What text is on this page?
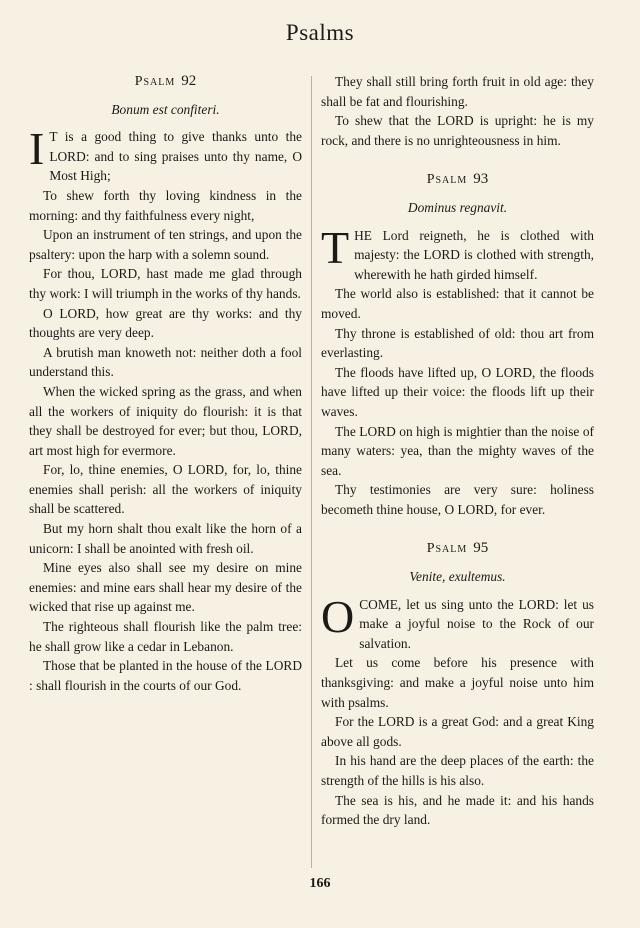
Psalms
Psalm 92
Bonum est confiteri.

I T is a good thing to give thanks unto the LORD: and to sing praises unto thy name, O Most High;

To shew forth thy loving kindness in the morning: and thy faithfulness every night,

Upon an instrument of ten strings, and upon the psaltery: upon the harp with a solemn sound.

For thou, LORD, hast made me glad through thy work: I will triumph in the works of thy hands.

O LORD, how great are thy works: and thy thoughts are very deep.

A brutish man knoweth not: neither doth a fool understand this.

When the wicked spring as the grass, and when all the workers of iniquity do flourish: it is that they shall be destroyed for ever; but thou, LORD, art most high for evermore.

For, lo, thine enemies, O LORD, for, lo, thine enemies shall perish: all the workers of iniquity shall be scattered.

But my horn shalt thou exalt like the horn of a unicorn: I shall be anointed with fresh oil.

Mine eyes also shall see my desire on mine enemies: and mine ears shall hear my desire of the wicked that rise up against me.

The righteous shall flourish like the palm tree: he shall grow like a cedar in Lebanon.

Those that be planted in the house of the LORD : shall flourish in the courts of our God.

They shall still bring forth fruit in old age: they shall be fat and flourishing.

To shew that the LORD is upright: he is my rock, and there is no unrighteousness in him.

Psalm 93
Dominus regnavit.

THE Lord reigneth, he is clothed with majesty: the LORD is clothed with strength, wherewith he hath girded himself.

The world also is established: that it cannot be moved.

Thy throne is established of old: thou art from everlasting.

The floods have lifted up, O LORD, the floods have lifted up their voice: the floods lift up their waves.

The LORD on high is mightier than the noise of many waters: yea, than the mighty waves of the sea.

Thy testimonies are very sure: holiness becometh thine house, O LORD, for ever.

Psalm 95
Venite, exultemus.

OCOME, let us sing unto the LORD: let us make a joyful noise to the Rock of our salvation.

Let us come before his presence with thanksgiving: and make a joyful noise unto him with psalms.

For the LORD is a great God: and a great King above all gods.

In his hand are the deep places of the earth: the strength of the hills is his also.

The sea is his, and he made it: and his hands formed the dry land.

166
